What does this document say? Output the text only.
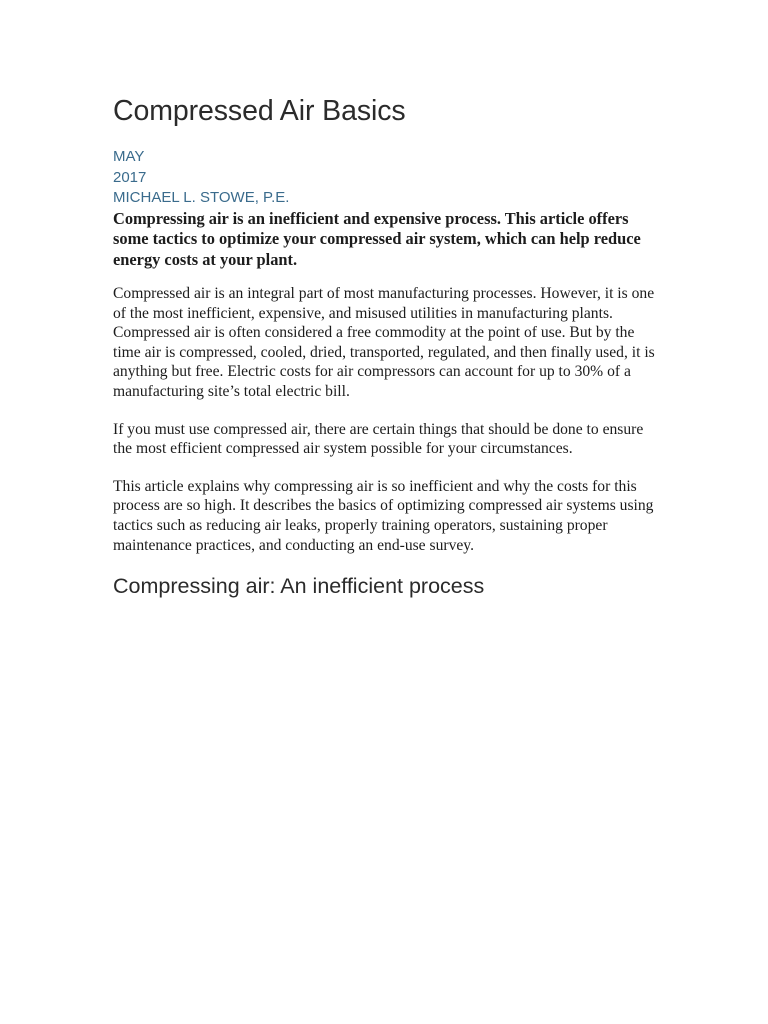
Compressed Air Basics
MAY
2017
MICHAEL L. STOWE, P.E.

Compressing air is an inefficient and expensive process. This article offers some tactics to optimize your compressed air system, which can help reduce energy costs at your plant.

Compressed air is an integral part of most manufacturing processes. However, it is one of the most inefficient, expensive, and misused utilities in manufacturing plants. Compressed air is often considered a free commodity at the point of use. But by the time air is compressed, cooled, dried, transported, regulated, and then finally used, it is anything but free. Electric costs for air compressors can account for up to 30% of a manufacturing site’s total electric bill.

If you must use compressed air, there are certain things that should be done to ensure the most efficient compressed air system possible for your circumstances.

This article explains why compressing air is so inefficient and why the costs for this process are so high. It describes the basics of optimizing compressed air systems using tactics such as reducing air leaks, properly training operators, sustaining proper maintenance practices, and conducting an end-use survey.

Compressing air: An inefficient process
